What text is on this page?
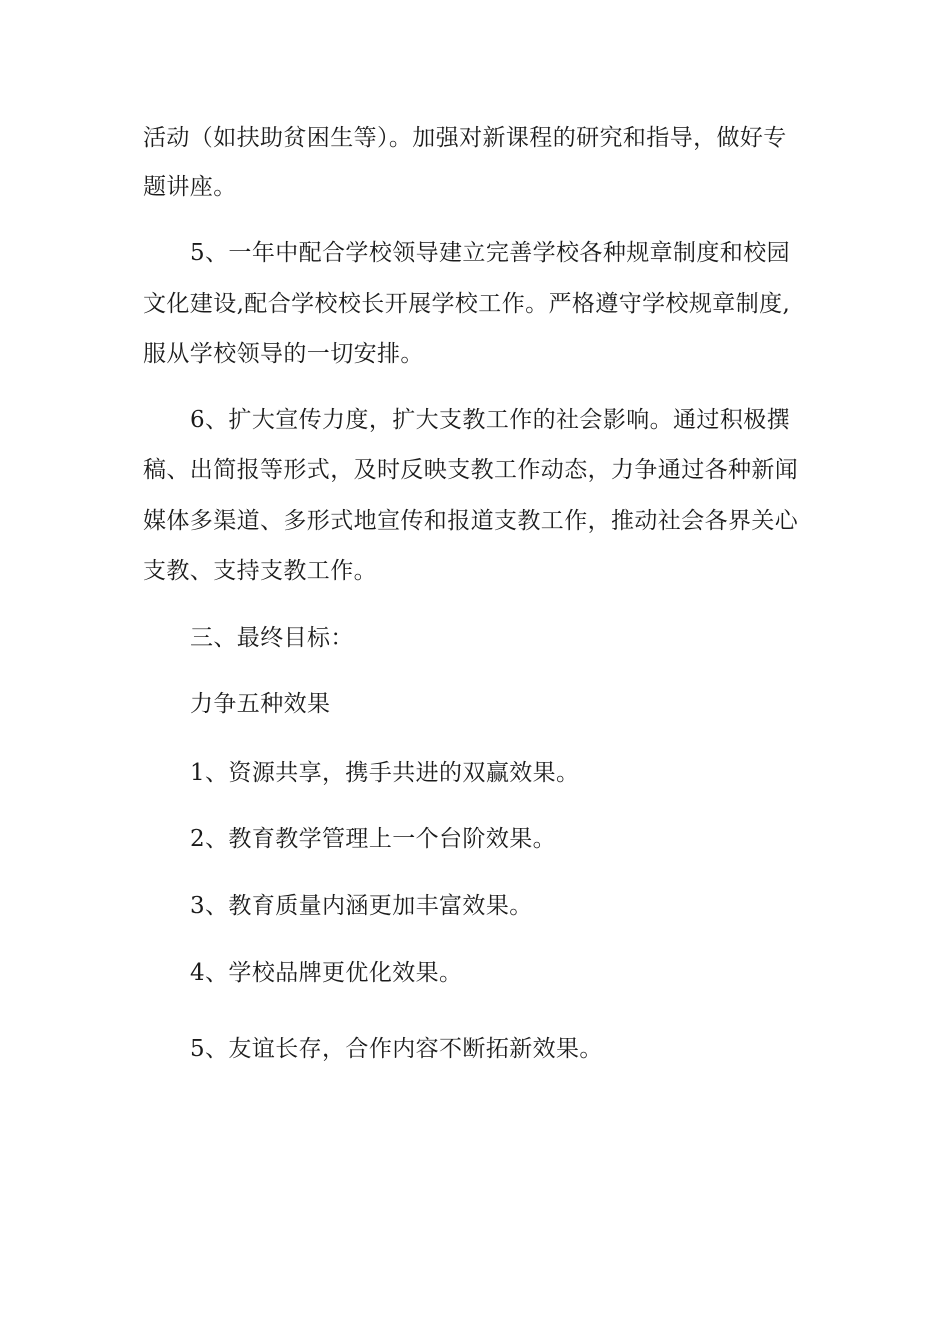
活动（如扶助贫困生等）。加强对新课程的研究和指导，做好专
题讲座。
5、一年中配合学校领导建立完善学校各种规章制度和校园
文化建设,配合学校校长开展学校工作。严格遵守学校规章制度,
服从学校领导的一切安排。
6、扩大宣传力度，扩大支教工作的社会影响。通过积极撰
稿、出简报等形式，及时反映支教工作动态，力争通过各种新闻
媒体多渠道、多形式地宣传和报道支教工作，推动社会各界关心
支教、支持支教工作。
三、最终目标：
力争五种效果
1、资源共享，携手共进的双赢效果。
2、教育教学管理上一个台阶效果。
3、教育质量内涵更加丰富效果。
4、学校品牌更优化效果。
5、友谊长存，合作内容不断拓新效果。
